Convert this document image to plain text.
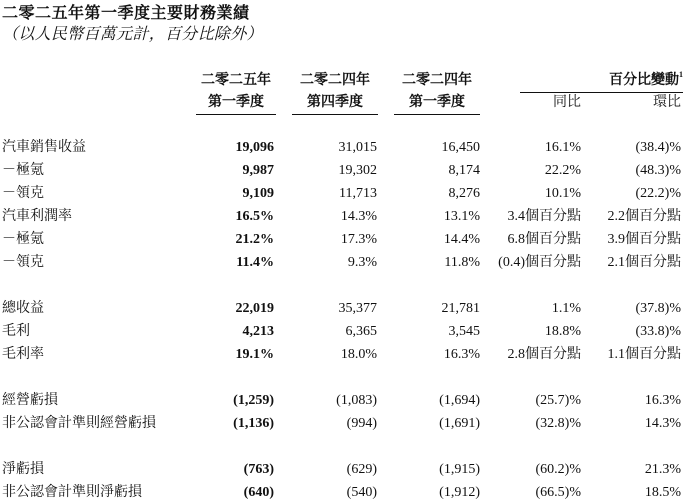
二零二五年第一季度主要財務業績
（以人民幣百萬元計，百分比除外）
二零二五年
第一季度
二零二四年
第四季度
二零二四年
第一季度
百分比變動$^1$
同比	環比
汽車銷售收益	19,096	31,015	16,450	16.1%	(38.4)%
－極氪	9,987	19,302	8,174	22.2%	(48.3)%
－領克	9,109	11,713	8,276	10.1%	(22.2)%
汽車利潤率	16.5%	14.3%	13.1% 3.4個百分點 2.2個百分點
－極氪	21.2%	17.3%	14.4% 6.8個百分點 3.9個百分點
－領克	11.4%	9.3%	11.8% (0.4)個百分點 2.1個百分點
總收益	22,019	35,377	21,781	1.1%	(37.8)%
毛利	4,213	6,365	3,545	18.8%	(33.8)%
毛利率	19.1%	18.0%	16.3% 2.8個百分點 1.1個百分點
經營虧損	(1,259)	(1,083)	(1,694)	(25.7)%	16.3%
非公認會計準則經營虧損	(1,136)	(994)	(1,691)	(32.8)%	14.3%
淨虧損	(763)	(629)	(1,915)	(60.2)%	21.3%
非公認會計準則淨虧損	(640)	(540)	(1,912)	(66.5)%	18.5%
